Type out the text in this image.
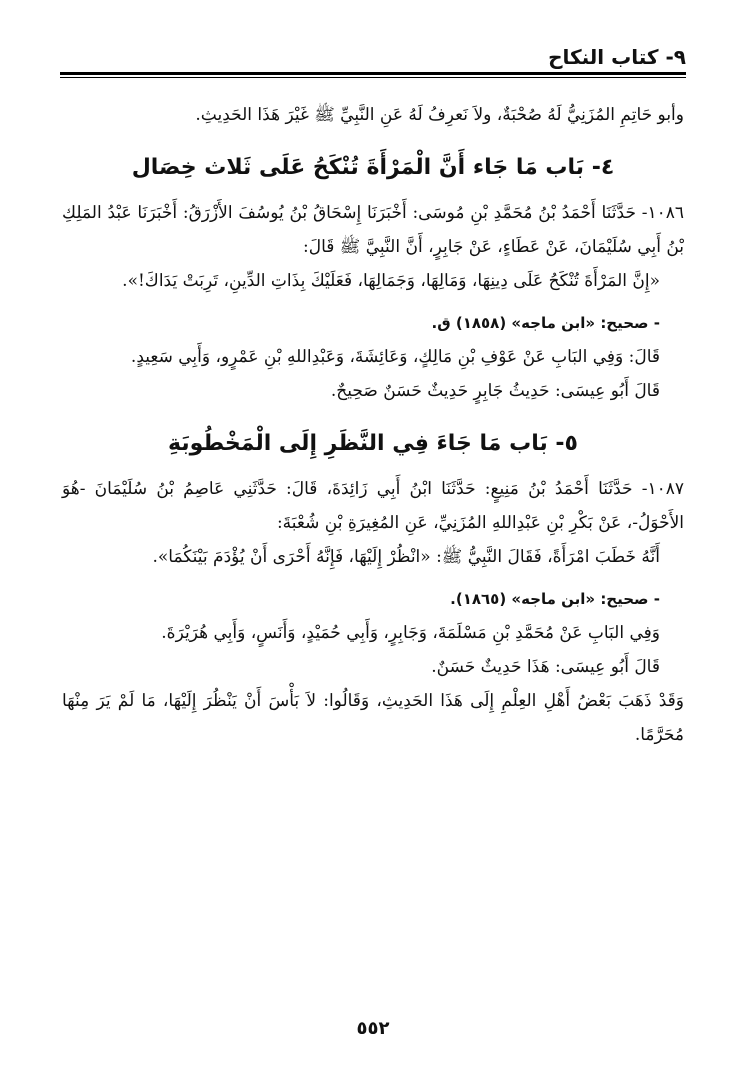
٩- كتاب النكاح

وأبو حَاتِمِ المُزَنِيُّ لَهُ صُحْبَةٌ، ولاَ نَعرِفُ لَهُ عَنِ النَّبِيِّ ﷺ غَيْرَ هَذَا الحَدِيثِ.

٤- بَاب مَا جَاء أَنَّ الْمَرْأَةَ تُنْكَحُ عَلَى ثَلاث خِصَال

١٠٨٦- حَدَّثَنَا أَحْمَدُ بْنُ مُحَمَّدِ بْنِ مُوسَى: أَخْبَرَنَا إِسْحَاقُ بْنُ يُوسُفَ الأَزْرَقُ: أَخْبَرَنَا عَبْدُ المَلِكِ بْنُ أَبِي سُلَيْمَانَ، عَنْ عَطَاءٍ، عَنْ جَابِرٍ، أَنَّ النَّبِيَّ ﷺ قَالَ:

«إِنَّ المَرْأَةَ تُنْكَحُ عَلَى دِينِهَا، وَمَالِهَا، وَجَمَالِهَا، فَعَلَيْكَ بِذَاتِ الدِّينِ، تَرِبَتْ يَدَاكَ!».

- صحيح: «ابن ماجه» (١٨٥٨) ق.

قَالَ: وَفِي البَابِ عَنْ عَوْفِ بْنِ مَالِكٍ، وَعَائِشَةَ، وَعَبْدِاللهِ بْنِ عَمْرٍو، وَأَبِي سَعِيدٍ.

قَالَ أَبُو عِيسَى: حَدِيثُ جَابِرٍ حَدِيثٌ حَسَنٌ صَحِيحٌ.

٥- بَاب مَا جَاءَ فِي النَّظَرِ إِلَى الْمَخْطُوبَةِ

١٠٨٧- حَدَّثَنَا أَحْمَدُ بْنُ مَنِيعٍ: حَدَّثَنَا ابْنُ أَبِي زَائِدَةَ، قَالَ: حَدَّثَنِي عَاصِمُ بْنُ سُلَيْمَانَ -هُوَ الأَحْوَلُ-، عَنْ بَكْرِ بْنِ عَبْدِاللهِ المُزَنِيِّ، عَنِ المُغِيرَةِ بْنِ شُعْبَةَ:

أَنَّهُ خَطَبَ امْرَأَةً، فَقَالَ النَّبِيُّ ﷺ: «انْظُرْ إِلَيْهَا، فَإِنَّهُ أَحْرَى أَنْ يُؤْدَمَ بَيْنَكُمَا».

- صحيح: «ابن ماجه» (١٨٦٥).

وَفِي البَابِ عَنْ مُحَمَّدِ بْنِ مَسْلَمَةَ، وَجَابِرٍ، وَأَبِي حُمَيْدٍ، وَأَنَسٍ، وَأَبِي هُرَيْرَةَ.

قَالَ أَبُو عِيسَى: هَذَا حَدِيثٌ حَسَنٌ.

وَقَدْ ذَهَبَ بَعْضُ أَهْلِ العِلْمِ إِلَى هَذَا الحَدِيثِ، وَقَالُوا: لاَ بَأْسَ أَنْ يَنْظُرَ إِلَيْهَا، مَا لَمْ يَرَ مِنْهَا مُحَرَّمًا.

٥٥٢
